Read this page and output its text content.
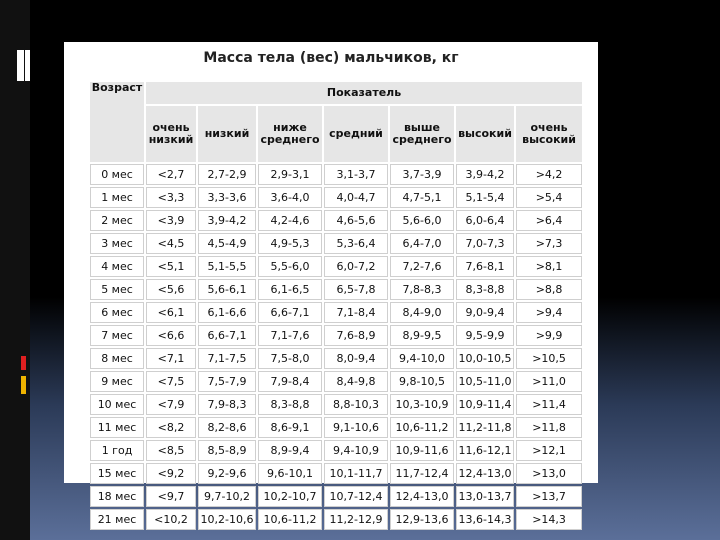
Масса тела (вес) мальчиков, кг
Возраст	Показатель						
	очень низкий	низкий	ниже среднего	средний	выше среднего	высокий	очень высокий
0 мес	<2,7	2,7-2,9	2,9-3,1	3,1-3,7	3,7-3,9	3,9-4,2	>4,2
1 мес	<3,3	3,3-3,6	3,6-4,0	4,0-4,7	4,7-5,1	5,1-5,4	>5,4
2 мес	<3,9	3,9-4,2	4,2-4,6	4,6-5,6	5,6-6,0	6,0-6,4	>6,4
3 мес	<4,5	4,5-4,9	4,9-5,3	5,3-6,4	6,4-7,0	7,0-7,3	>7,3
4 мес	<5,1	5,1-5,5	5,5-6,0	6,0-7,2	7,2-7,6	7,6-8,1	>8,1
5 мес	<5,6	5,6-6,1	6,1-6,5	6,5-7,8	7,8-8,3	8,3-8,8	>8,8
6 мес	<6,1	6,1-6,6	6,6-7,1	7,1-8,4	8,4-9,0	9,0-9,4	>9,4
7 мес	<6,6	6,6-7,1	7,1-7,6	7,6-8,9	8,9-9,5	9,5-9,9	>9,9
8 мес	<7,1	7,1-7,5	7,5-8,0	8,0-9,4	9,4-10,0	10,0-10,5	>10,5
9 мес	<7,5	7,5-7,9	7,9-8,4	8,4-9,8	9,8-10,5	10,5-11,0	>11,0
10 мес	<7,9	7,9-8,3	8,3-8,8	8,8-10,3	10,3-10,9	10,9-11,4	>11,4
11 мес	<8,2	8,2-8,6	8,6-9,1	9,1-10,6	10,6-11,2	11,2-11,8	>11,8
1 год	<8,5	8,5-8,9	8,9-9,4	9,4-10,9	10,9-11,6	11,6-12,1	>12,1
15 мес	<9,2	9,2-9,6	9,6-10,1	10,1-11,7	11,7-12,4	12,4-13,0	>13,0
18 мес	<9,7	9,7-10,2	10,2-10,7	10,7-12,4	12,4-13,0	13,0-13,7	>13,7
21 мес	<10,2	10,2-10,6	10,6-11,2	11,2-12,9	12,9-13,6	13,6-14,3	>14,3
